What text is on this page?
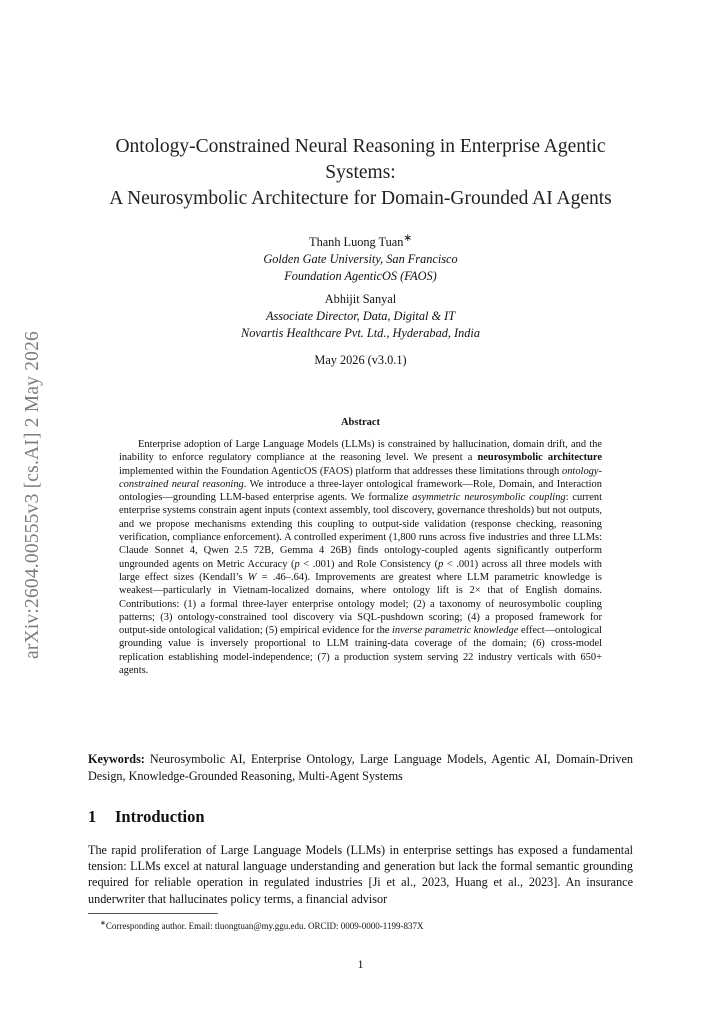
arXiv:2604.00555v3 [cs.AI] 2 May 2026
Ontology-Constrained Neural Reasoning in Enterprise Agentic
Systems:
A Neurosymbolic Architecture for Domain-Grounded AI Agents
Thanh Luong Tuan∗
Golden Gate University, San Francisco
Foundation AgenticOS (FAOS)
Abhijit Sanyal
Associate Director, Data, Digital & IT
Novartis Healthcare Pvt. Ltd., Hyderabad, India
May 2026 (v3.0.1)
Abstract

Enterprise adoption of Large Language Models (LLMs) is constrained by hallucination, domain drift, and the inability to enforce regulatory compliance at the reasoning level. We present a neurosymbolic architecture implemented within the Foundation AgenticOS (FAOS) platform that addresses these limitations through ontology-constrained neural reasoning. We introduce a three-layer ontological framework—Role, Domain, and Interaction ontologies—grounding LLM-based enterprise agents. We formalize asymmetric neurosymbolic coupling: current enterprise systems constrain agent inputs (context assembly, tool discovery, governance thresholds) but not outputs, and we propose mechanisms extending this coupling to output-side validation (response checking, reasoning verification, compliance enforcement). A controlled experiment (1,800 runs across five industries and three LLMs: Claude Sonnet 4, Qwen 2.5 72B, Gemma 4 26B) finds ontology-coupled agents significantly outperform ungrounded agents on Metric Accuracy (p < .001) and Role Consistency (p < .001) across all three models with large effect sizes (Kendall’s W = .46–.64). Improvements are greatest where LLM parametric knowledge is weakest—particularly in Vietnam-localized domains, where ontology lift is 2× that of English domains. Contributions: (1) a formal three-layer enterprise ontology model; (2) a taxonomy of neurosymbolic coupling patterns; (3) ontology-constrained tool discovery via SQL-pushdown scoring; (4) a proposed framework for output-side ontological validation; (5) empirical evidence for the inverse parametric knowledge effect—ontological grounding value is inversely proportional to LLM training-data coverage of the domain; (6) cross-model replication establishing model-independence; (7) a production system serving 22 industry verticals with 650+ agents.

Keywords: Neurosymbolic AI, Enterprise Ontology, Large Language Models, Agentic AI, Domain-Driven Design, Knowledge-Grounded Reasoning, Multi-Agent Systems

1 Introduction

The rapid proliferation of Large Language Models (LLMs) in enterprise settings has exposed a fundamental tension: LLMs excel at natural language understanding and generation but lack the formal semantic grounding required for reliable operation in regulated industries [Ji et al., 2023, Huang et al., 2023]. An insurance underwriter that hallucinates policy terms, a financial advisor

∗Corresponding author. Email: tluongtuan@my.ggu.edu. ORCID: 0009-0000-1199-837X

1
